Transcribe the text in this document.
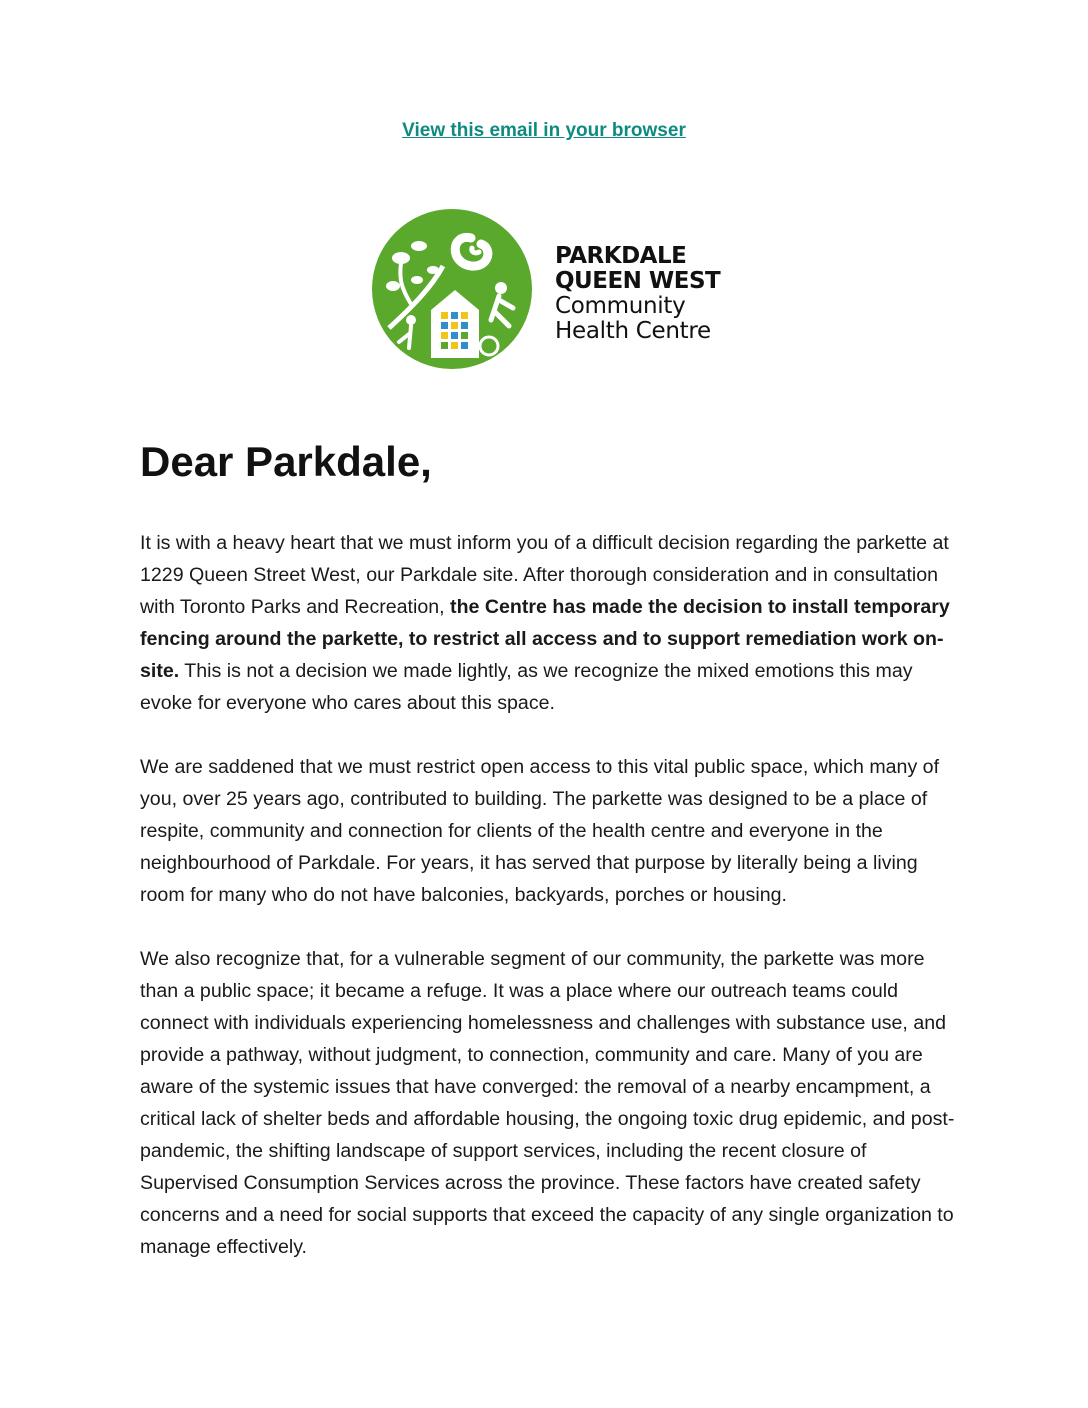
View this email in your browser
PARKDALE
QUEEN WEST
Community
Health Centre
Dear Parkdale,

It is with a heavy heart that we must inform you of a difficult decision regarding the parkette at 1229 Queen Street West, our Parkdale site. After thorough consideration and in consultation with Toronto Parks and Recreation, the Centre has made the decision to install temporary fencing around the parkette, to restrict all access and to support remediation work on-site. This is not a decision we made lightly, as we recognize the mixed emotions this may evoke for everyone who cares about this space.

We are saddened that we must restrict open access to this vital public space, which many of you, over 25 years ago, contributed to building. The parkette was designed to be a place of respite, community and connection for clients of the health centre and everyone in the neighbourhood of Parkdale. For years, it has served that purpose by literally being a living room for many who do not have balconies, backyards, porches or housing.

We also recognize that, for a vulnerable segment of our community, the parkette was more than a public space; it became a refuge. It was a place where our outreach teams could connect with individuals experiencing homelessness and challenges with substance use, and provide a pathway, without judgment, to connection, community and care. Many of you are aware of the systemic issues that have converged: the removal of a nearby encampment, a critical lack of shelter beds and affordable housing, the ongoing toxic drug epidemic, and post-pandemic, the shifting landscape of support services, including the recent closure of Supervised Consumption Services across the province. These factors have created safety concerns and a need for social supports that exceed the capacity of any single organization to manage effectively.
